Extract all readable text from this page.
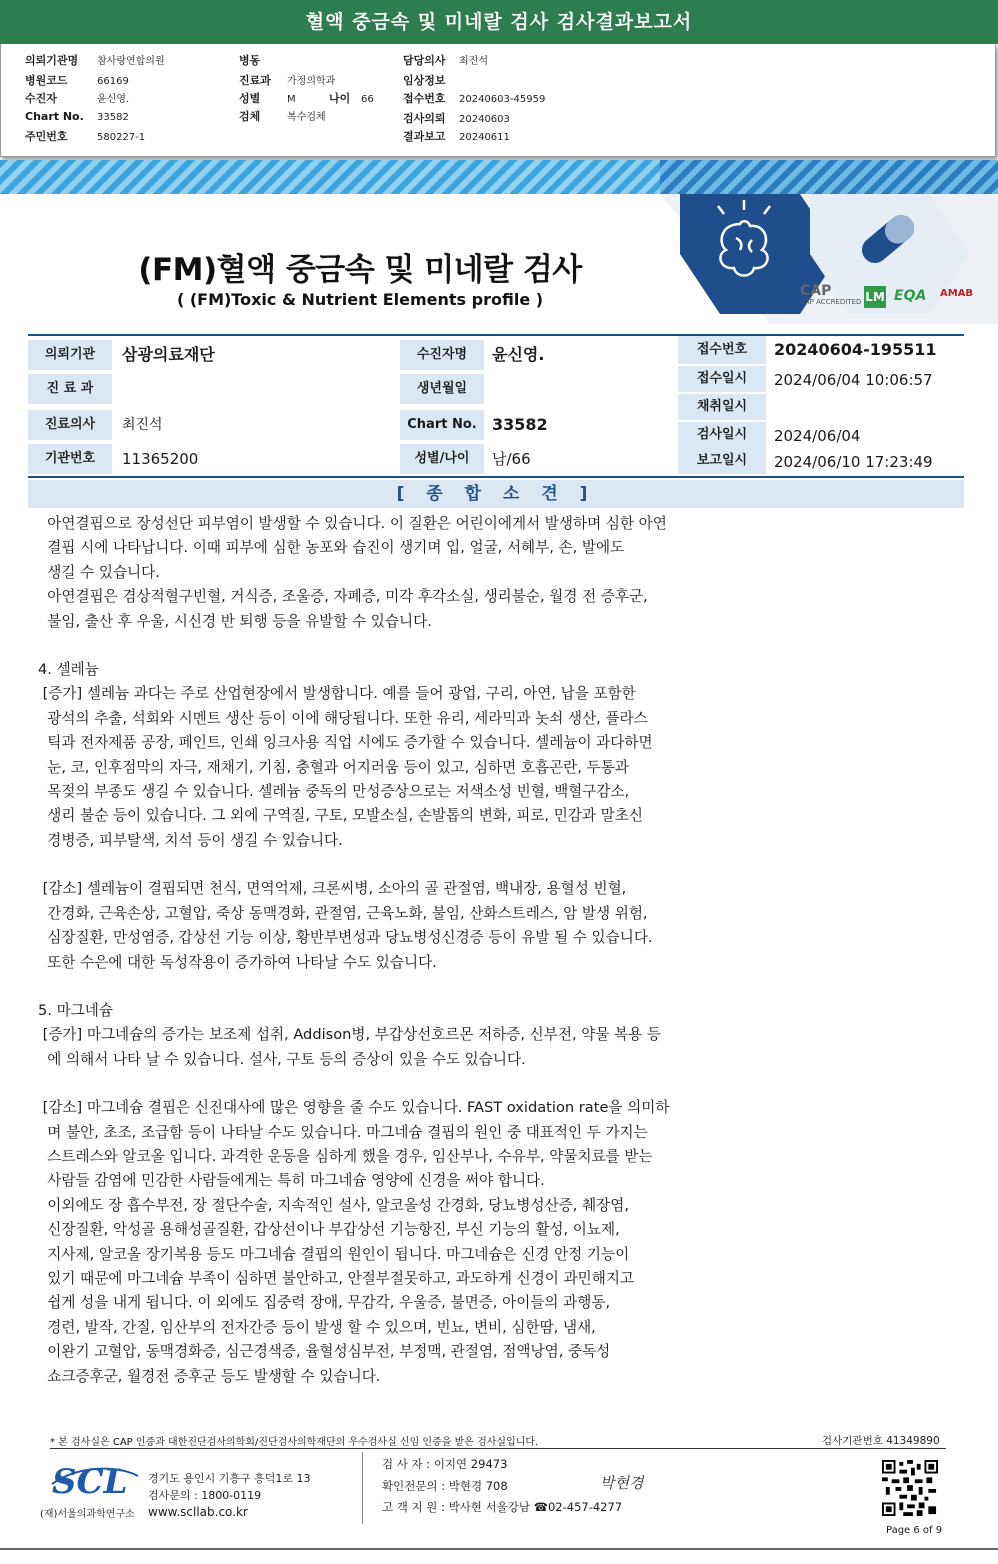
혈액 중금속 및 미네랄 검사 검사결과보고서
의뢰기관명 참사랑연합의원
병원코드	66169
수진자	윤신영.
Chart No. 33582
주민번호	580227-1
병동
진료과 가정의학과
성별	M	나이 66
검체	복수검체
담당의사 최진석
임상정보
접수번호 20240603-45959
검사의뢰 20240603
결과보고 20240611
CAP
CAP ACCREDITED LM EQA AMAB
(FM)혈액 중금속 및 미네랄 검사
( (FM)Toxic & Nutrient Elements profile )
의뢰기관	삼광의료재단	수진자명	윤신영.
진 료 과	생년월일
진료의사	최진석	Chart No. 33582
기관번호	11365200	성별/나이	남/66
접수번호	20240604-195511
접수일시	2024/06/04 10:06:57
채취일시
검사일시	2024/06/04
보고일시	2024/06/10 17:23:49
[ 종 합 소 견 ]

아연결핍으로 장성선단 피부염이 발생할 수 있습니다. 이 질환은 어린이에게서 발생하며 심한 아연

결핍 시에 나타납니다. 이때 피부에 심한 농포와 습진이 생기며 입, 얼굴, 서혜부, 손, 발에도

생길 수 있습니다.

아연결핍은 겸상적혈구빈혈, 거식증, 조울증, 자폐증, 미각 후각소실, 생리불순, 월경 전 증후군,

불임, 출산 후 우울, 시신경 반 퇴행 등을 유발할 수 있습니다.

4. 셀레늄

[증가] 셀레늄 과다는 주로 산업현장에서 발생합니다. 예를 들어 광업, 구리, 아연, 납을 포함한

광석의 추출, 석회와 시멘트 생산 등이 이에 해당됩니다. 또한 유리, 세라믹과 놋쇠 생산, 플라스

틱과 전자제품 공장, 페인트, 인쇄 잉크사용 직업 시에도 증가할 수 있습니다. 셀레늄이 과다하면

눈, 코, 인후점막의 자극, 재채기, 기침, 충혈과 어지러움 등이 있고, 심하면 호흡곤란, 두통과

목젖의 부종도 생길 수 있습니다. 셀레늄 중독의 만성증상으로는 저색소성 빈혈, 백혈구감소,

생리 불순 등이 있습니다. 그 외에 구역질, 구토, 모발소실, 손발톱의 변화, 피로, 민감과 말초신

경병증, 피부탈색, 치석 등이 생길 수 있습니다.

[감소] 셀레늄이 결핍되면 천식, 면역억제, 크론씨병, 소아의 골 관절염, 백내장, 용혈성 빈혈,

간경화, 근육손상, 고혈압, 죽상 동맥경화, 관절염, 근육노화, 불임, 산화스트레스, 암 발생 위험,

심장질환, 만성염증, 갑상선 기능 이상, 황반부변성과 당뇨병성신경증 등이 유발 될 수 있습니다.

또한 수은에 대한 독성작용이 증가하여 나타날 수도 있습니다.

5. 마그네슘

[증가] 마그네슘의 증가는 보조제 섭취, Addison병, 부갑상선호르몬 저하증, 신부전, 약물 복용 등

에 의해서 나타 날 수 있습니다. 설사, 구토 등의 증상이 있을 수도 있습니다.

[감소] 마그네슘 결핍은 신진대사에 많은 영향을 줄 수도 있습니다. FAST oxidation rate을 의미하

며 불안, 초조, 조급함 등이 나타날 수도 있습니다. 마그네슘 결핍의 원인 중 대표적인 두 가지는

스트레스와 알코올 입니다. 과격한 운동을 심하게 했을 경우, 임산부나, 수유부, 약물치료를 받는

사람들 감염에 민감한 사람들에게는 특히 마그네슘 영양에 신경을 써야 합니다.

이외에도 장 흡수부전, 장 절단수술, 지속적인 설사, 알코올성 간경화, 당뇨병성산증, 췌장염,

신장질환, 악성골 용해성골질환, 갑상선이나 부갑상선 기능항진, 부신 기능의 활성, 이뇨제,

지사제, 알코올 장기복용 등도 마그네슘 결핍의 원인이 됩니다. 마그네슘은 신경 안정 기능이

있기 때문에 마그네슘 부족이 심하면 불안하고, 안절부절못하고, 과도하게 신경이 과민해지고

쉽게 성을 내게 됩니다. 이 외에도 집중력 장애, 무감각, 우울증, 불면증, 아이들의 과행동,

경련, 발작, 간질, 임산부의 전자간증 등이 발생 할 수 있으며, 빈뇨, 변비, 심한땀, 냄새,

이완기 고혈압, 동맥경화증, 심근경색증, 율혈성심부전, 부정맥, 관절염, 점액낭염, 중독성

쇼크증후군, 월경전 증후군 등도 발생할 수 있습니다.

* 본 검사실은 CAP 인증과 대한진단검사의학회/진단검사의학재단의 우수검사실 신임 인증을 받은 검사실입니다.	검사기관번호 41349890
SCL
(재)서울의과학연구소
경기도 용인시 기흥구 흥덕1로 13
검사문의 : 1800-0119
www.scllab.co.kr
검 사 자 : 이지연 29473
확인전문의 : 박현경 708
고 객 지 원 : 박사현 서울강남 ☎02-457-4277
박현경
Page 6 of 9
